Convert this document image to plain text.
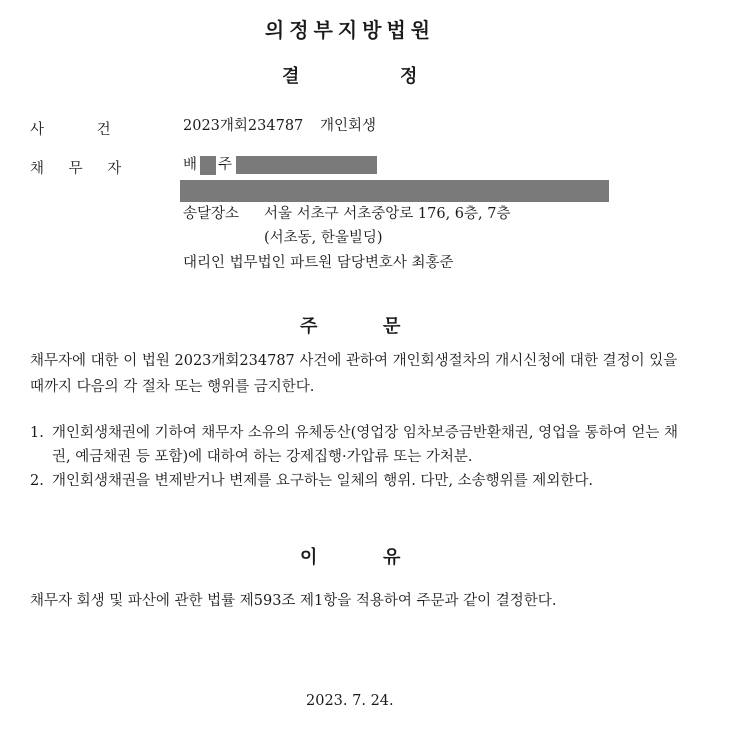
의정부지방법원
결	정
사 건	2023개회234787 개인회생
채 무 자	배 주
송달장소 서울 서초구 서초중앙로 176, 6층, 7층
(서초동, 한울빌딩)
대리인 법무법인 파트원 담당변호사 최홍준
주	문
채무자에 대한 이 법원 2023개회234787 사건에 관하여 개인회생절차의 개시신청에 대한 결정이 있을 때까지 다음의 각 절차 또는 행위를 금지한다.
1. 개인회생채권에 기하여 채무자 소유의 유체동산(영업장 임차보증금반환채권, 영업을 통하여 얻는 채권, 예금채권 등 포함)에 대하여 하는 강제집행·가압류 또는 가처분.
2. 개인회생채권을 변제받거나 변제를 요구하는 일체의 행위. 다만, 소송행위를 제외한다.
이	유
채무자 회생 및 파산에 관한 법률 제593조 제1항을 적용하여 주문과 같이 결정한다.
2023. 7. 24.
